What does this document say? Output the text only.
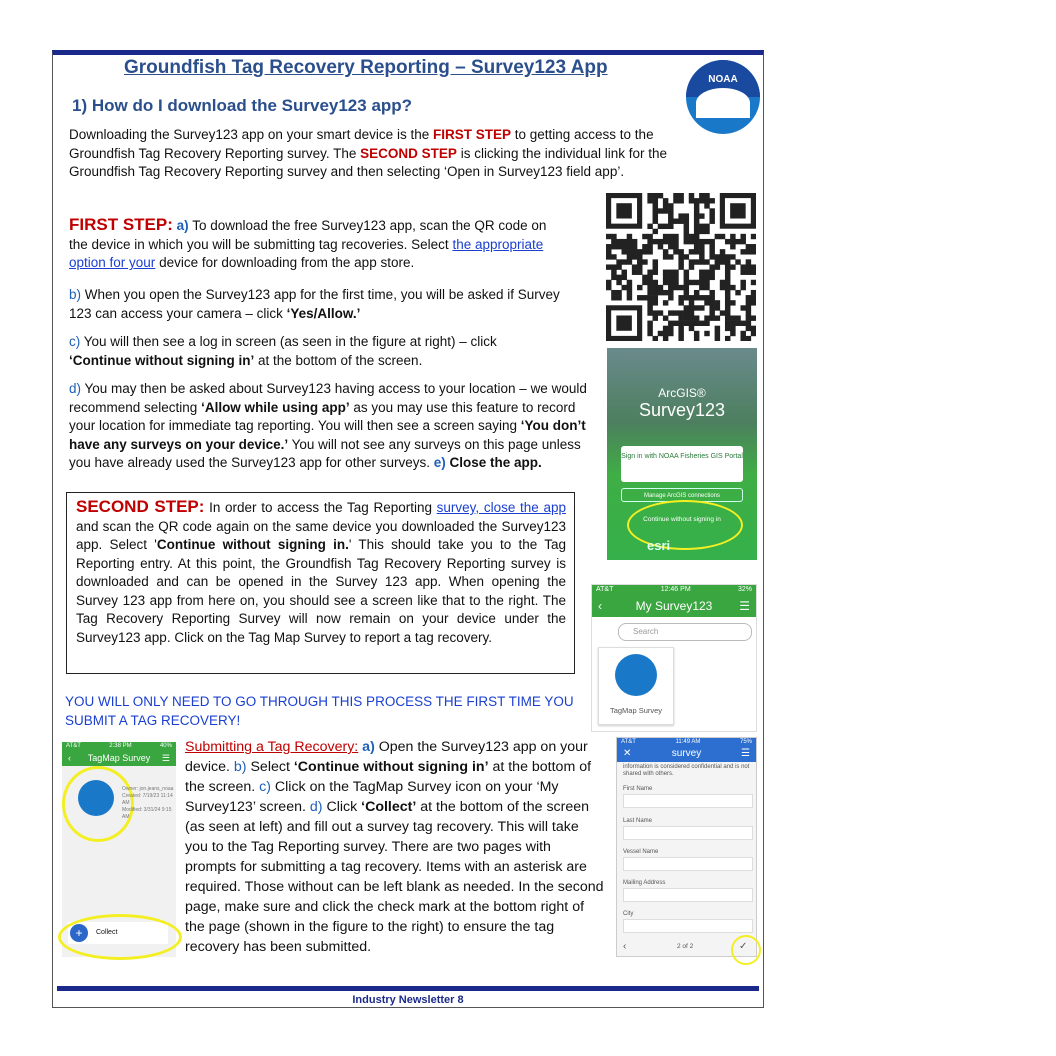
Groundfish Tag Recovery Reporting – Survey123 App
NOAA
1) How do I download the Survey123 app?
Downloading the Survey123 app on your smart device is the FIRST STEP to getting access to the Groundfish Tag Recovery Reporting survey. The SECOND STEP is clicking the individual link for the Groundfish Tag Recovery Reporting survey and then selecting ‘Open in Survey123 field app’.
FIRST STEP: a) To download the free Survey123 app, scan the QR code on the device in which you will be submitting tag recoveries. Select the appropriate option for your device for downloading from the app store.
b) When you open the Survey123 app for the first time, you will be asked if Survey 123 can access your camera – click ‘Yes/Allow.’
c) You will then see a log in screen (as seen in the figure at right) – click ‘Continue without signing in’ at the bottom of the screen.
d) You may then be asked about Survey123 having access to your location – we would recommend selecting ‘Allow while using app’ as you may use this feature to record your location for immediate tag reporting. You will then see a screen saying ‘You don’t have any surveys on your device.’ You will not see any surveys on this page unless you have already used the Survey123 app for other surveys. e) Close the app.
SECOND STEP: In order to access the Tag Reporting survey, close the app and scan the QR code again on the same device you downloaded the Survey123 app. Select 'Continue without signing in.' This should take you to the Tag Reporting entry. At this point, the Groundfish Tag Recovery Reporting survey is downloaded and can be opened in the Survey 123 app. When opening the Survey 123 app from here on, you should see a screen like that to the right. The Tag Recovery Reporting Survey will now remain on your device under the Survey123 app. Click on the Tag Map Survey to report a tag recovery.
YOU WILL ONLY NEED TO GO THROUGH THIS PROCESS THE FIRST TIME YOU SUBMIT A TAG RECOVERY!
Submitting a Tag Recovery: a) Open the Survey123 app on your device. b) Select ‘Continue without signing in’ at the bottom of the screen. c) Click on the TagMap Survey icon on your ‘My Survey123’ screen. d) Click ‘Collect’ at the bottom of the screen (as seen at left) and fill out a survey tag recovery. This will take you to the Tag Reporting survey. There are two pages with prompts for submitting a tag recovery. Items with an asterisk are required. Those without can be left blank as needed. In the second page, make sure and click the check mark at the bottom right of the page (shown in the figure to the right) to ensure the tag recovery has been submitted.
ArcGIS®
Survey123
Sign in with NOAA Fisheries GIS Portal
Manage ArcGIS connections
Continue without signing in
esri
AT&T	12:46 PM	32%
‹	My Survey123 ☰
Search
TagMap Survey
AT&T	2:38 PM	40%
‹ TagMap Survey ☰
Owner: jon.jeans_noaa
Created: 7/19/23 11:14 AM
Modified: 3/31/24 9:15 AM
Collect
+
AT&T	11:49 AM	75%
✕	survey	☰
information is considered confidential and is not shared with others.
First Name
Last Name
Vessel Name
Mailing Address
City
‹	2 of 2	✓
Industry Newsletter 8
